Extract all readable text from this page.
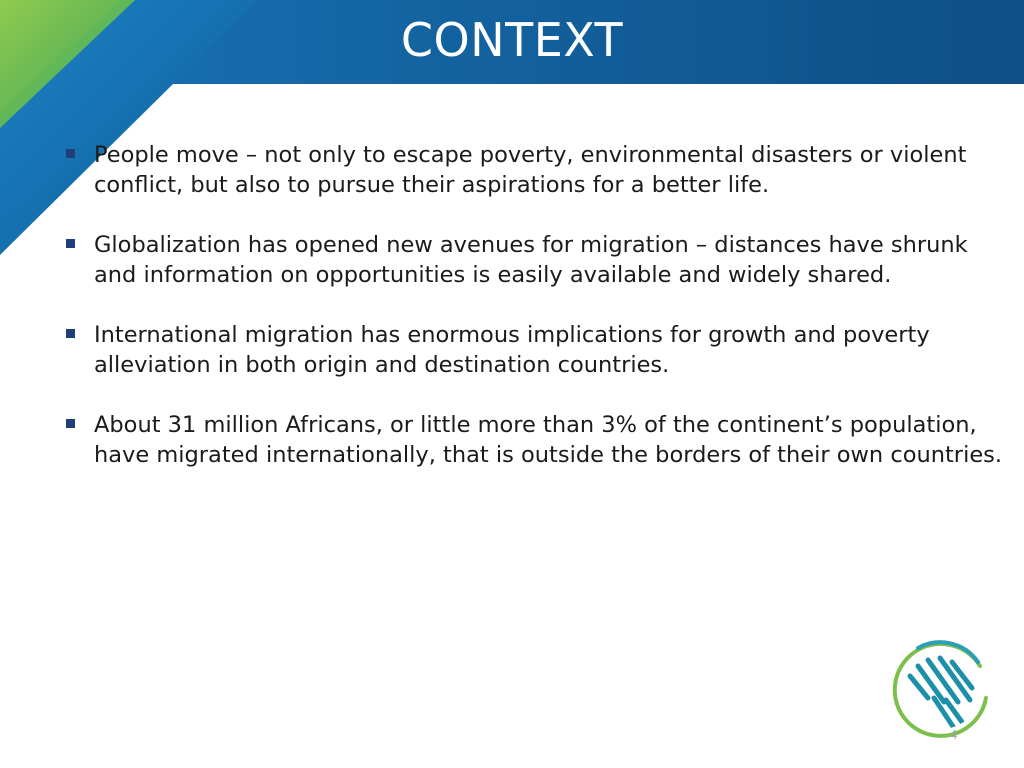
CONTEXT
People move – not only to escape poverty, environmental disasters or violent conflict, but also to pursue their aspirations for a better life.
Globalization has opened new avenues for migration – distances have shrunk and information on opportunities is easily available and widely shared.
International migration has enormous implications for growth and poverty alleviation in both origin and destination countries.
About 31 million Africans, or little more than 3% of the continent’s population, have migrated internationally, that is outside the borders of their own countries.
4
